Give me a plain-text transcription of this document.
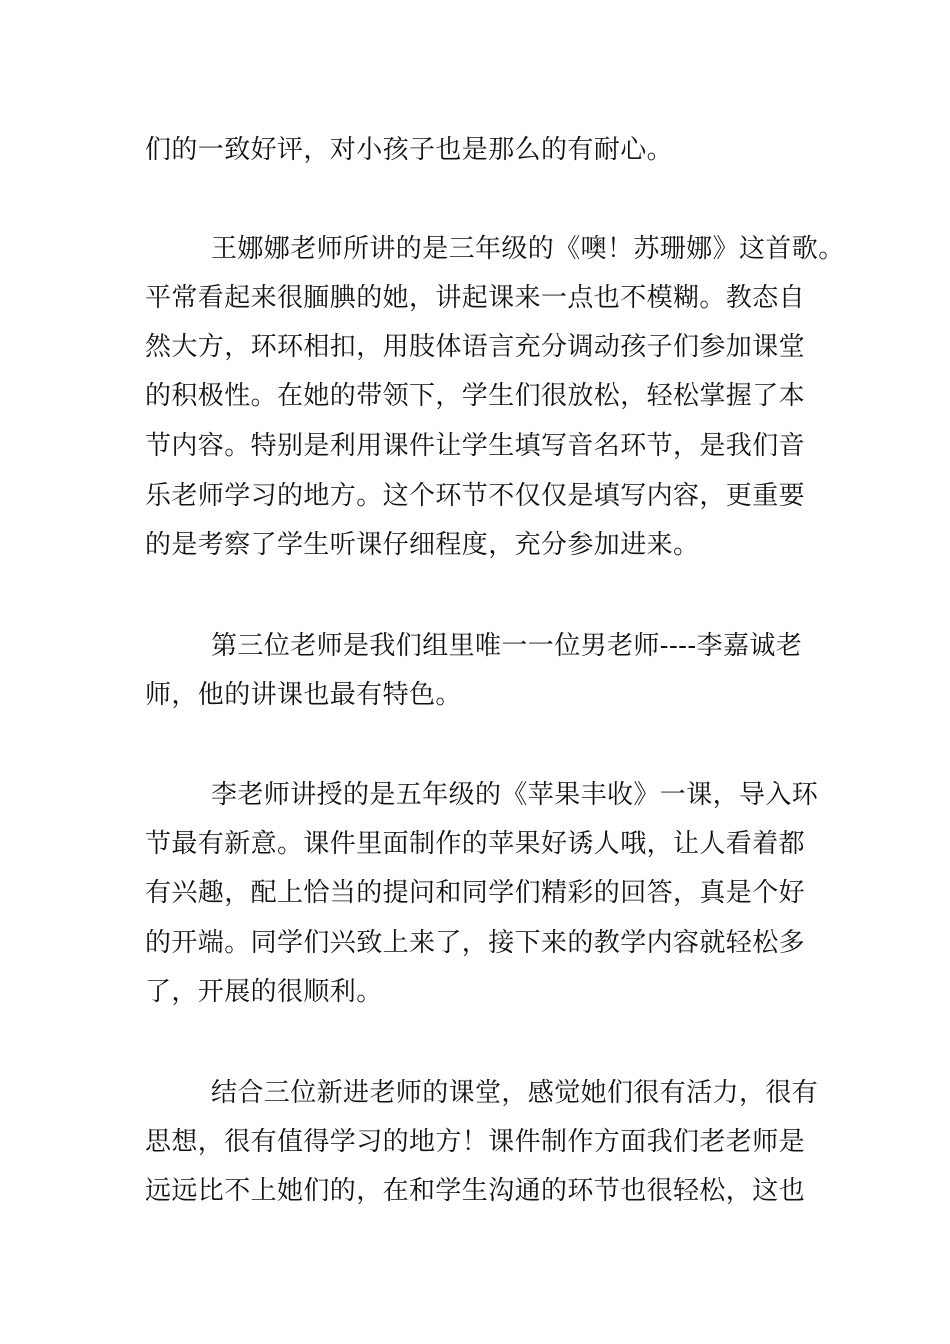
们的一致好评，对小孩子也是那么的有耐心。
王娜娜老师所讲的是三年级的《噢！苏珊娜》这首歌。
平常看起来很腼腆的她，讲起课来一点也不模糊。教态自
然大方，环环相扣，用肢体语言充分调动孩子们参加课堂
的积极性。在她的带领下，学生们很放松，轻松掌握了本
节内容。特别是利用课件让学生填写音名环节，是我们音
乐老师学习的地方。这个环节不仅仅是填写内容，更重要
的是考察了学生听课仔细程度，充分参加进来。
第三位老师是我们组里唯一一位男老师----李嘉诚老
师，他的讲课也最有特色。
李老师讲授的是五年级的《苹果丰收》一课，导入环
节最有新意。课件里面制作的苹果好诱人哦，让人看着都
有兴趣，配上恰当的提问和同学们精彩的回答，真是个好
的开端。同学们兴致上来了，接下来的教学内容就轻松多
了，开展的很顺利。
结合三位新进老师的课堂，感觉她们很有活力，很有
思想，很有值得学习的地方！课件制作方面我们老老师是
远远比不上她们的，在和学生沟通的环节也很轻松，这也
